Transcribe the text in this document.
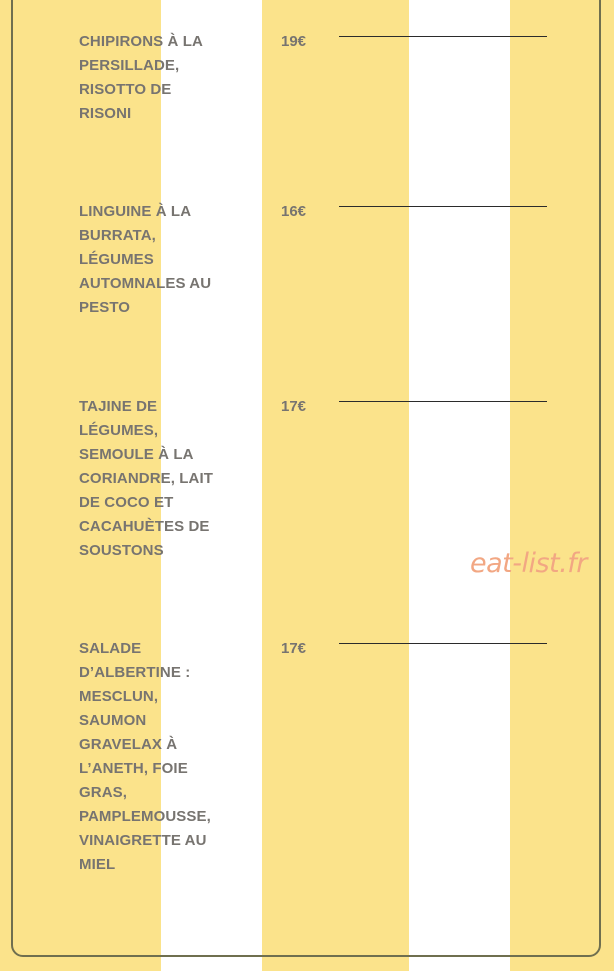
CHIPIRONS À LA PERSILLADE, RISOTTO DE RISONI
19€
LINGUINE À LA BURRATA, LÉGUMES AUTOMNALES AU PESTO
16€
TAJINE DE LÉGUMES, SEMOULE À LA CORIANDRE, LAIT DE COCO ET CACAHUÈTES DE SOUSTONS
17€
SALADE D’ALBERTINE : MESCLUN, SAUMON GRAVELAX À L’ANETH, FOIE GRAS, PAMPLEMOUSSE, VINAIGRETTE AU MIEL
17€
eat-list.fr
